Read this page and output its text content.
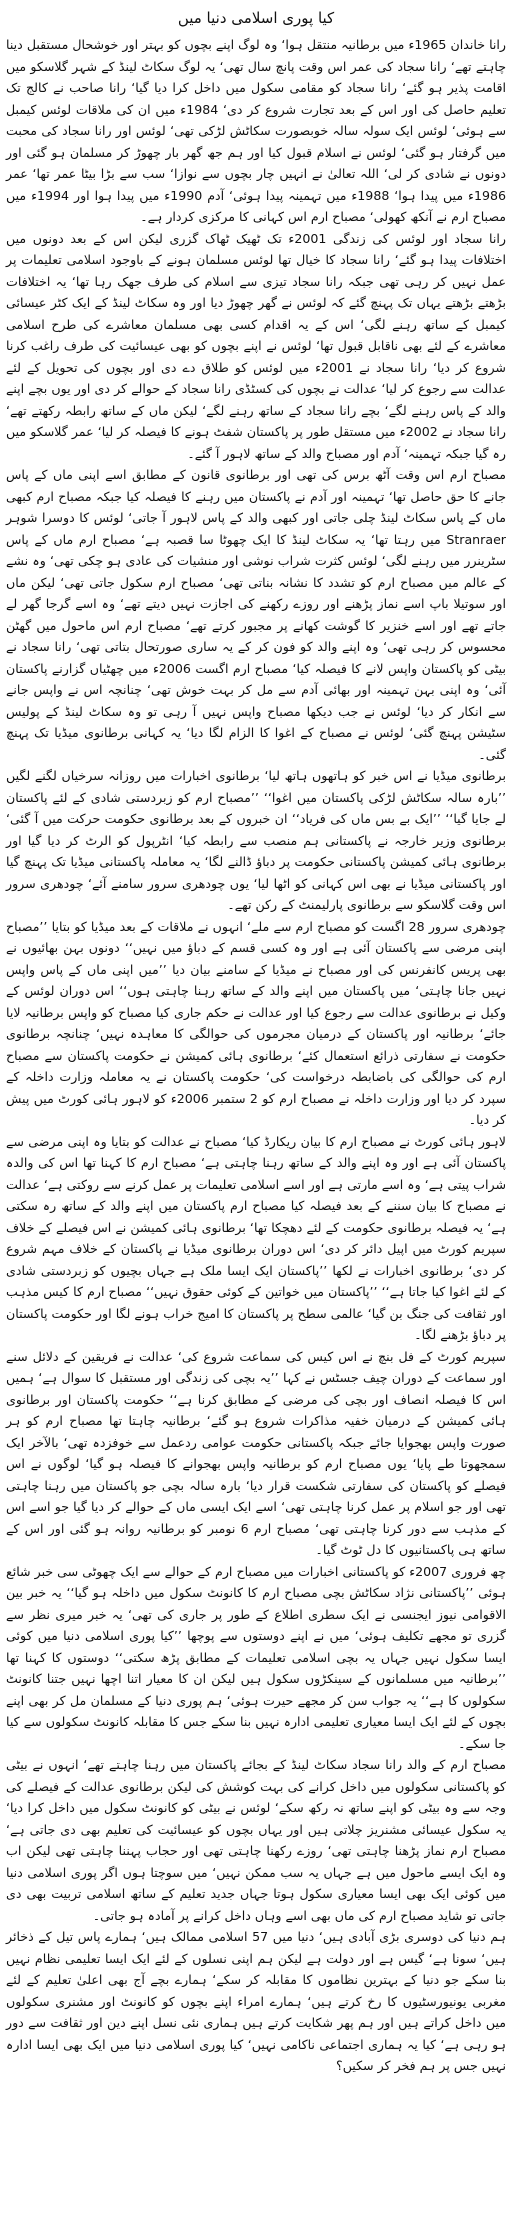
کیا پوری اسلامی دنیا میں

رانا خاندان 1965ء میں برطانیہ منتقل ہوا‘ وہ لوگ اپنے بچوں کو بہتر اور خوشحال مستقبل دینا چاہتے تھے‘ رانا سجاد کی عمر اس وقت پانچ سال تھی‘ یہ لوگ سکاٹ لینڈ کے شہر گلاسکو میں اقامت پذیر ہو گئے‘ رانا سجاد کو مقامی سکول میں داخل کرا دیا گیا‘ رانا صاحب نے کالج تک تعلیم حاصل کی اور اس کے بعد تجارت شروع کر دی‘ 1984ء میں ان کی ملاقات لوئس کیمبل سے ہوئی‘ لوئس ایک سولہ سالہ خوبصورت سکاٹش لڑکی تھی‘ لوئس اور رانا سجاد کی محبت میں گرفتار ہو گئی‘ لوئس نے اسلام قبول کیا اور ہم جھ گھر بار چھوڑ کر مسلمان ہو گئی اور دونوں نے شادی کر لی‘ اللہ تعالیٰ نے انہیں چار بچوں سے نوازا‘ سب سے بڑا بیٹا عمر تھا‘ عمر 1986ء میں پیدا ہوا‘ 1988ء میں تہمینہ پیدا ہوئی‘ آدم 1990ء میں پیدا ہوا اور 1994ء میں مصباح ارم نے آنکھ کھولی‘ مصباح ارم اس کہانی کا مرکزی کردار ہے۔

رانا سجاد اور لوئس کی زندگی 2001ء تک ٹھیک ٹھاک گزری لیکن اس کے بعد دونوں میں اختلافات پیدا ہو گئے‘ رانا سجاد کا خیال تھا لوئس مسلمان ہونے کے باوجود اسلامی تعلیمات پر عمل نہیں کر رہی تھی جبکہ رانا سجاد تیزی سے اسلام کی طرف جھک رہا تھا‘ یہ اختلافات بڑھتے بڑھتے یہاں تک پہنچ گئے کہ لوئس نے گھر چھوڑ دیا اور وہ سکاٹ لینڈ کے ایک کٹر عیسائی کیمبل کے ساتھ رہنے لگی‘ اس کے یہ اقدام کسی بھی مسلمان معاشرے کی طرح اسلامی معاشرے کے لئے بھی ناقابل قبول تھا‘ لوئس نے اپنے بچوں کو بھی عیسائیت کی طرف راغب کرنا شروع کر دیا‘ رانا سجاد نے 2001ء میں لوئس کو طلاق دے دی اور بچوں کی تحویل کے لئے عدالت سے رجوع کر لیا‘ عدالت نے بچوں کی کسٹڈی رانا سجاد کے حوالے کر دی اور یوں بچے اپنے والد کے پاس رہنے لگے‘ بچے رانا سجاد کے ساتھ رہنے لگے‘ لیکن ماں کے ساتھ رابطہ رکھتے تھے‘ رانا سجاد نے 2002ء میں مستقل طور پر پاکستان شفٹ ہونے کا فیصلہ کر لیا‘ عمر گلاسکو میں رہ گیا جبکہ تہمینہ‘ آدم اور مصباح والد کے ساتھ لاہور آ گئے۔

مصباح ارم اس وقت آٹھ برس کی تھی اور برطانوی قانون کے مطابق اسے اپنی ماں کے پاس جانے کا حق حاصل تھا‘ تہمینہ اور آدم نے پاکستان میں رہنے کا فیصلہ کیا جبکہ مصباح ارم کبھی ماں کے پاس سکاٹ لینڈ چلی جاتی اور کبھی والد کے پاس لاہور آ جاتی‘ لوئس کا دوسرا شوہر Stranraer میں رہتا تھا‘ یہ سکاٹ لینڈ کا ایک چھوٹا سا قصبہ ہے‘ مصباح ارم ماں کے پاس سٹرینرر میں رہنے لگی‘ لوئس کثرت شراب نوشی اور منشیات کی عادی ہو چکی تھی‘ وہ نشے کے عالم میں مصباح ارم کو تشدد کا نشانہ بناتی تھی‘ مصباح ارم سکول جاتی تھی‘ لیکن ماں اور سوتیلا باپ اسے نماز پڑھنے اور روزے رکھنے کی اجازت نہیں دیتے تھے‘ وہ اسے گرجا گھر لے جاتے تھے اور اسے خنزیر کا گوشت کھانے پر مجبور کرتے تھے‘ مصباح ارم اس ماحول میں گھٹن محسوس کر رہی تھی‘ وہ اپنے والد کو فون کر کے یہ ساری صورتحال بتاتی تھی‘ رانا سجاد نے بیٹی کو پاکستان واپس لانے کا فیصلہ کیا‘ مصباح ارم اگست 2006ء میں چھٹیاں گزارنے پاکستان آئی‘ وہ اپنی بہن تہمینہ اور بھائی آدم سے مل کر بہت خوش تھی‘ چنانچہ اس نے واپس جانے سے انکار کر دیا‘ لوئس نے جب دیکھا مصباح واپس نہیں آ رہی تو وہ سکاٹ لینڈ کے پولیس سٹیشن پہنچ گئی‘ لوئس نے مصباح کے اغوا کا الزام لگا دیا‘ یہ کہانی برطانوی میڈیا تک پہنچ گئی۔

برطانوی میڈیا نے اس خبر کو ہاتھوں ہاتھ لیا‘ برطانوی اخبارات میں روزانہ سرخیاں لگنے لگیں ’’بارہ سالہ سکاٹش لڑکی پاکستان میں اغوا‘‘ ’’مصباح ارم کو زبردستی شادی کے لئے پاکستان لے جایا گیا‘‘ ’’ایک بے بس ماں کی فریاد‘‘ ان خبروں کے بعد برطانوی حکومت حرکت میں آ گئی‘ برطانوی وزیر خارجہ نے پاکستانی ہم منصب سے رابطہ کیا‘ انٹرپول کو الرٹ کر دیا گیا اور برطانوی ہائی کمیشن پاکستانی حکومت پر دباؤ ڈالنے لگا‘ یہ معاملہ پاکستانی میڈیا تک پہنچ گیا اور پاکستانی میڈیا نے بھی اس کہانی کو اٹھا لیا‘ یوں چودھری سرور سامنے آئے‘ چودھری سرور اس وقت گلاسکو سے برطانوی پارلیمنٹ کے رکن تھے۔

چودھری سرور 28 اگست کو مصباح ارم سے ملے‘ انہوں نے ملاقات کے بعد میڈیا کو بتایا ’’مصباح اپنی مرضی سے پاکستان آئی ہے اور وہ کسی قسم کے دباؤ میں نہیں‘‘ دونوں بہن بھائیوں نے بھی پریس کانفرنس کی اور مصباح نے میڈیا کے سامنے بیان دیا ’’میں اپنی ماں کے پاس واپس نہیں جانا چاہتی‘ میں پاکستان میں اپنے والد کے ساتھ رہنا چاہتی ہوں‘‘ اس دوران لوئس کے وکیل نے برطانوی عدالت سے رجوع کیا اور عدالت نے حکم جاری کیا مصباح کو واپس برطانیہ لایا جائے‘ برطانیہ اور پاکستان کے درمیان مجرموں کی حوالگی کا معاہدہ نہیں‘ چنانچہ برطانوی حکومت نے سفارتی ذرائع استعمال کئے‘ برطانوی ہائی کمیشن نے حکومت پاکستان سے مصباح ارم کی حوالگی کی باضابطہ درخواست کی‘ حکومت پاکستان نے یہ معاملہ وزارت داخلہ کے سپرد کر دیا اور وزارت داخلہ نے مصباح ارم کو 2 ستمبر 2006ء کو لاہور ہائی کورٹ میں پیش کر دیا۔

لاہور ہائی کورٹ نے مصباح ارم کا بیان ریکارڈ کیا‘ مصباح نے عدالت کو بتایا وہ اپنی مرضی سے پاکستان آئی ہے اور وہ اپنے والد کے ساتھ رہنا چاہتی ہے‘ مصباح ارم کا کہنا تھا اس کی والدہ شراب پیتی ہے‘ وہ اسے مارتی ہے اور اسے اسلامی تعلیمات پر عمل کرنے سے روکتی ہے‘ عدالت نے مصباح کا بیان سننے کے بعد فیصلہ کیا مصباح ارم پاکستان میں اپنے والد کے ساتھ رہ سکتی ہے‘ یہ فیصلہ برطانوی حکومت کے لئے دھچکا تھا‘ برطانوی ہائی کمیشن نے اس فیصلے کے خلاف سپریم کورٹ میں اپیل دائر کر دی‘ اس دوران برطانوی میڈیا نے پاکستان کے خلاف مہم شروع کر دی‘ برطانوی اخبارات نے لکھا ’’پاکستان ایک ایسا ملک ہے جہاں بچیوں کو زبردستی شادی کے لئے اغوا کیا جاتا ہے‘‘ ’’پاکستان میں خواتین کے کوئی حقوق نہیں‘‘ مصباح ارم کا کیس مذہب اور ثقافت کی جنگ بن گیا‘ عالمی سطح پر پاکستان کا امیج خراب ہونے لگا اور حکومت پاکستان پر دباؤ بڑھنے لگا۔

سپریم کورٹ کے فل بنچ نے اس کیس کی سماعت شروع کی‘ عدالت نے فریقین کے دلائل سنے اور سماعت کے دوران چیف جسٹس نے کہا ’’یہ بچی کی زندگی اور مستقبل کا سوال ہے‘ ہمیں اس کا فیصلہ انصاف اور بچی کی مرضی کے مطابق کرنا ہے‘‘ حکومت پاکستان اور برطانوی ہائی کمیشن کے درمیان خفیہ مذاکرات شروع ہو گئے‘ برطانیہ چاہتا تھا مصباح ارم کو ہر صورت واپس بھجوایا جائے جبکہ پاکستانی حکومت عوامی ردعمل سے خوفزدہ تھی‘ بالآخر ایک سمجھوتا طے پایا‘ یوں مصباح ارم کو برطانیہ واپس بھجوانے کا فیصلہ ہو گیا‘ لوگوں نے اس فیصلے کو پاکستان کی سفارتی شکست قرار دیا‘ بارہ سالہ بچی جو پاکستان میں رہنا چاہتی تھی اور جو اسلام پر عمل کرنا چاہتی تھی‘ اسے ایک ایسی ماں کے حوالے کر دیا گیا جو اسے اس کے مذہب سے دور کرنا چاہتی تھی‘ مصباح ارم 6 نومبر کو برطانیہ روانہ ہو گئی اور اس کے ساتھ ہی پاکستانیوں کا دل ٹوٹ گیا۔

چھ فروری 2007ء کو پاکستانی اخبارات میں مصباح ارم کے حوالے سے ایک چھوٹی سی خبر شائع ہوئی ’’پاکستانی نژاد سکاٹش بچی مصباح ارم کا کانونٹ سکول میں داخلہ ہو گیا‘‘ یہ خبر بین الاقوامی نیوز ایجنسی نے ایک سطری اطلاع کے طور پر جاری کی تھی‘ یہ خبر میری نظر سے گزری تو مجھے تکلیف ہوئی‘ میں نے اپنے دوستوں سے پوچھا ’’کیا پوری اسلامی دنیا میں کوئی ایسا سکول نہیں جہاں یہ بچی اسلامی تعلیمات کے مطابق پڑھ سکتی‘‘ دوستوں کا کہنا تھا ’’برطانیہ میں مسلمانوں کے سینکڑوں سکول ہیں لیکن ان کا معیار اتنا اچھا نہیں جتنا کانونٹ سکولوں کا ہے‘‘ یہ جواب سن کر مجھے حیرت ہوئی‘ ہم پوری دنیا کے مسلمان مل کر بھی اپنے بچوں کے لئے ایک ایسا معیاری تعلیمی ادارہ نہیں بنا سکے جس کا مقابلہ کانونٹ سکولوں سے کیا جا سکے۔

مصباح ارم کے والد رانا سجاد سکاٹ لینڈ کے بجائے پاکستان میں رہنا چاہتے تھے‘ انہوں نے بیٹی کو پاکستانی سکولوں میں داخل کرانے کی بہت کوشش کی لیکن برطانوی عدالت کے فیصلے کی وجہ سے وہ بیٹی کو اپنے ساتھ نہ رکھ سکے‘ لوئس نے بیٹی کو کانونٹ سکول میں داخل کرا دیا‘ یہ سکول عیسائی مشنریز چلاتی ہیں اور یہاں بچوں کو عیسائیت کی تعلیم بھی دی جاتی ہے‘ مصباح ارم نماز پڑھنا چاہتی تھی‘ روزے رکھنا چاہتی تھی اور حجاب پہننا چاہتی تھی لیکن اب وہ ایک ایسے ماحول میں ہے جہاں یہ سب ممکن نہیں‘ میں سوچتا ہوں اگر پوری اسلامی دنیا میں کوئی ایک بھی ایسا معیاری سکول ہوتا جہاں جدید تعلیم کے ساتھ اسلامی تربیت بھی دی جاتی تو شاید مصباح ارم کی ماں بھی اسے وہاں داخل کرانے پر آمادہ ہو جاتی۔

ہم دنیا کی دوسری بڑی آبادی ہیں‘ دنیا میں 57 اسلامی ممالک ہیں‘ ہمارے پاس تیل کے ذخائر ہیں‘ سونا ہے‘ گیس ہے اور دولت ہے لیکن ہم اپنی نسلوں کے لئے ایک ایسا تعلیمی نظام نہیں بنا سکے جو دنیا کے بہترین نظاموں کا مقابلہ کر سکے‘ ہمارے بچے آج بھی اعلیٰ تعلیم کے لئے مغربی یونیورسٹیوں کا رخ کرتے ہیں‘ ہمارے امراء اپنے بچوں کو کانونٹ اور مشنری سکولوں میں داخل کراتے ہیں اور ہم پھر شکایت کرتے ہیں ہماری نئی نسل اپنے دین اور ثقافت سے دور ہو رہی ہے‘ کیا یہ ہماری اجتماعی ناکامی نہیں‘ کیا پوری اسلامی دنیا میں ایک بھی ایسا ادارہ نہیں جس پر ہم فخر کر سکیں؟
